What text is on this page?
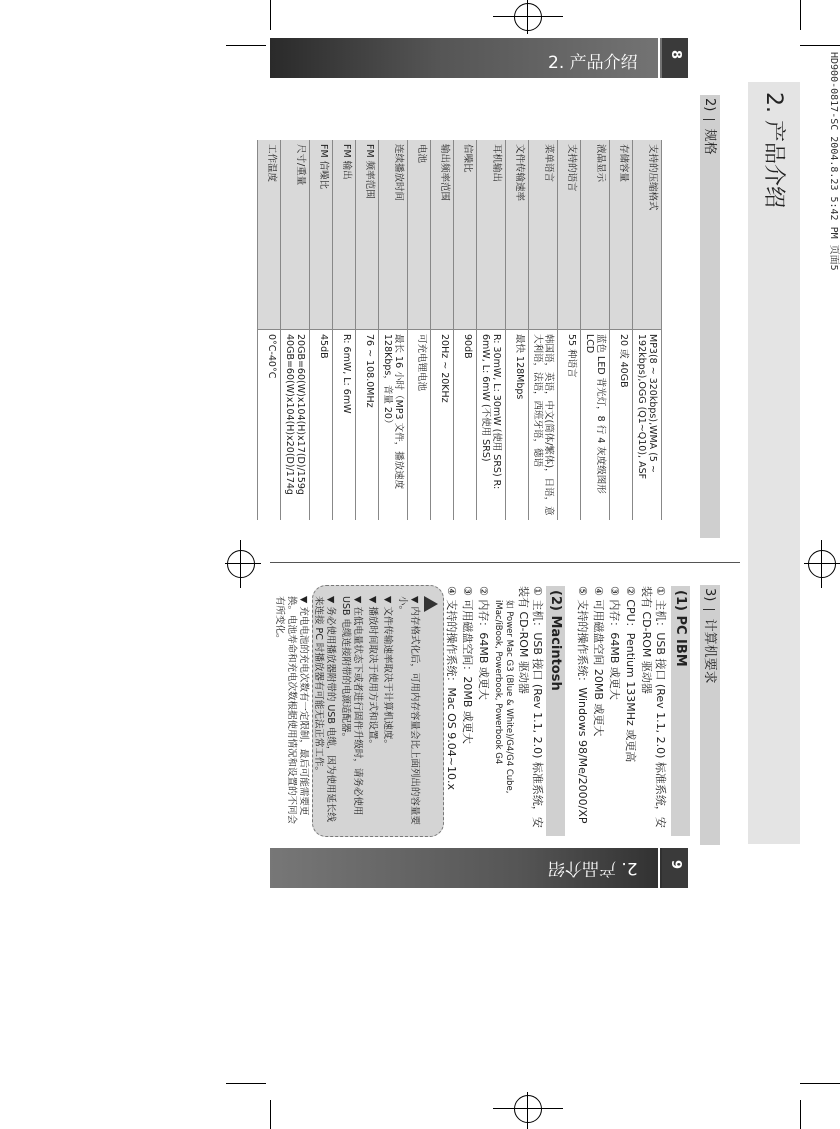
HD900-0817-SC 2004.8.23 5:42 PM 页面5
2. 产品介绍 8
2. 产品介绍 9
2. 产品介绍
2)  规格
支持的压缩格式
MP3(8 ~ 320kbps),WMA (5 ~ 192kbps),OGG (Q1~Q10), ASF
存储容量
20 或 40GB
液晶显示
蓝色 LED 背光灯，8 行 4 灰度级图形 LCD
支持的语言
55 种语言
菜单语言
韩国语，英语，中文(简体/繁体)，日语，意大利语，法语，西班牙语，德语
文件传输速率
最快 128Mbps
耳机输出
R: 30mW, L: 30mW (使用 SRS) R: 6mW, L: 6mW (不使用 SRS)
信噪比
90dB
输出频率范围
20Hz ~ 20KHz
电池
可充电锂电池
连续播放时间
最长 16 小时（MP3 文件，播放速度 128Kbps，音量 20）
FM 频率范围
76 ~ 108.0MHz
FM 输出
R: 6mW, L: 6mW
FM 信噪比
45dB
尺寸/重量
20GB=60(W)x104(H)x17(D)/159g 40GB=60(W)x104(H)x20(D)/174g
工作温度
0°C-40°C
3)  计算机要求
(1) PC IBM
① 主机：USB 接口 (Rev 1.1, 2.0) 标准系统，安装有 CD-ROM 驱动器
② CPU：Pentium 133MHz 或更高
③ 内存：64MB 或更大
④ 可用磁盘空间 20MB 或更大
⑤ 支持的操作系统：Windows 98/Me/2000/XP
(2) Macintosh
① 主机：USB 接口 (Rev 1.1, 2.0) 标准系统，安装有 CD-ROM 驱动器
如 Power Mac G3 (Blue & White)/G4/G4 Cube, iMac/iBook, Powerbook, Powerbook G4
② 内存：64MB 或更大
③ 可用磁盘空间：20MB 或更大
④ 支持的操作系统：Mac OS 9.04~10.x
▼ 内存格式化后，可用内存容量会比上面列出的容量要小。
▼ 文件传输速率取决于计算机速度。
▼ 播放时间取决于使用方式和设置。
▼ 在低电量状态下或者进行固件升级时，请务必使用 USB 电缆连接附带的电源适配器。
▼ 务必使用播放器附带的 USB 电缆，因为使用延长线来连接 PC 时播放器有可能无法正常工作。
▼ 充电电池的充电次数有一定限制，最后可能需要更换。电池寿命和充电次数根据使用情况和设置的不同会有所变化。
